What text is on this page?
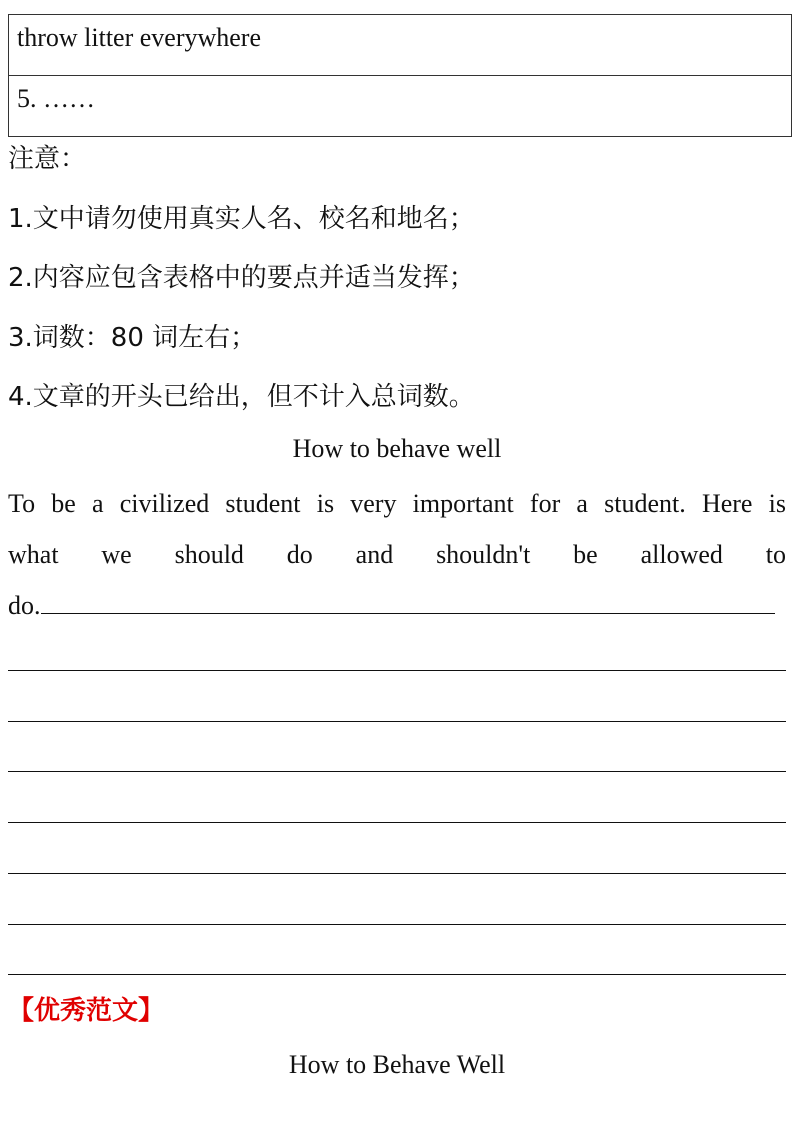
throw litter everywhere
5. ……
注意：
1.文中请勿使用真实人名、校名和地名；
2.内容应包含表格中的要点并适当发挥；
3.词数：80 词左右；
4.文章的开头已给出，但不计入总词数。
How to behave well
To be a civilized student is very important for a student. Here is
what we should do and shouldn't be allowed to
do.
【优秀范文】
How to Behave Well
